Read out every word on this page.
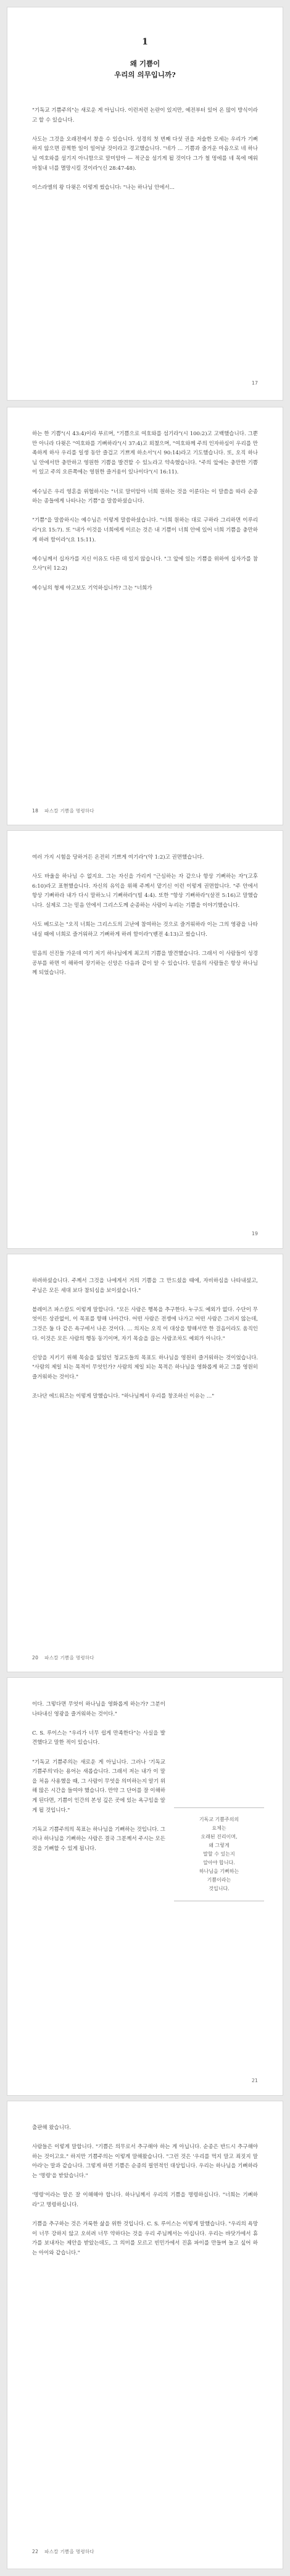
1
왜 기쁨이
우리의 의무입니까?
"기독교 기쁨주의"는 새로운 게 아닙니다. 이런저런 논란이 있지만, 예전부터 있어 온 많이 방식이라고 할 수 있습니다.

사도는 그것을 오래전에서 찾을 수 있습니다. 성경의 첫 번째 다섯 권을 저술한 모세는 우리가 기뻐하지 않으면 끔찍한 일이 일어날 것이라고 경고했습니다. "네가 … 기쁨과 즐거운 마음으로 네 하나님 여호와를 섬기지 아니함으로 말미암아 — 적군을 섬기게 될 것이다 그가 철 멍에를 네 목에 메워 마침내 너를 멸망시킬 것이라"(신 28:47-48).

이스라엘의 왕 다윗은 이렇게 썼습니다: "나는 하나님 안에서...
17
하는 한 기쁨"(시 43:4)이라 부르며, "기쁨으로 여호와를 섬기라"(시 100:2)고 고백했습니다. 그뿐만 아니라 다윗은 "여호와를 기뻐하라"(시 37:4)고 외쳤으며, "여호와께 주의 인자하심이 우리를 만족하게 하사 우리를 일생 동안 즐겁고 기쁘게 하소서"(시 90:14)라고 기도했습니다. 또, 오직 하나님 안에서만 충만하고 영원한 기쁨을 발견할 수 있노라고 약속했습니다. "주의 앞에는 충만한 기쁨이 있고 주의 오른쪽에는 영원한 즐거움이 있나이다"(시 16:11).

예수님은 우리 영혼을 위협하시는 "너로 말미암아 너희 원하는 것을 이룬다는 이 말씀을 따라 순종하는 종들에게 나타나는 기쁨"을 말씀하셨습니다.

"기쁨"을 말씀하시는 예수님은 이렇게 말씀하셨습니다. "너희 원하는 대로 구하라 그리하면 이루리라"(요 15:7). 또 "내가 이것을 너희에게 이르는 것은 내 기쁨이 너희 안에 있어 너희 기쁨을 충만하게 하려 함이라"(요 15:11).

예수님께서 십자가를 지신 이유도 다른 데 있지 않습니다. "그 앞에 있는 기쁨을 위하여 십자가를 참으사"(히 12:2)

예수님의 형제 야고보도 기억하십니까? 그는 "너희가
18 파스칼 기쁨을 명령하다
여러 가지 시험을 당하거든 온전히 기쁘게 여기라"(약 1:2)고 권면했습니다.

사도 바울을 하나님 수 없지요. 그는 자신을 가리켜 "근심하는 자 같으나 항상 기뻐하는 자"(고후 6:10)라고 표현했습니다. 자신의 유익을 위해 주께서 맡기신 이런 이렇게 권면합니다. "주 안에서 항상 기뻐하라 내가 다시 말하노니 기뻐하라"(빌 4:4). 또한 "항상 기뻐하라"(살전 5:16)고 말했습니다. 실제로 그는 믿음 안에서 그리스도께 순종하는 사람이 누리는 기쁨을 이야기했습니다.

사도 베드로는 "오직 너희는 그리스도의 고난에 참여하는 것으로 즐거워하라 이는 그의 영광을 나타내실 때에 너희로 즐거워하고 기뻐하게 하려 함이라"(벧전 4:13)고 썼습니다.

믿음의 선진들 가운데 여기 저기 하나님에게 최고의 기쁨을 발견했습니다. 그래서 이 사람들이 성경 공부를 하면 이 해하여 장기하는 신앙은 다음과 같이 알 수 있습니다. 믿음의 사람들은 항상 하나님께 되었습니다.
19
하려하셨습니다. 주께서 그것을 나에게서 거의 기쁨을 그 만드셨을 때에, 자비하심을 나타내셨고, 주님은 모든 세대 보다 참되심을 보이셨습니다."

블레이즈 파스칼도 이렇게 말합니다. "모든 사람은 행복을 추구한다. 누구도 예외가 없다. 수단이 무엇이든 상관없이, 이 목표를 향해 나아간다. 어떤 사람은 전쟁에 나가고 어떤 사람은 그러지 않는데, 그것은 둘 다 같은 욕구에서 나온 것이다. … 의지는 오직 이 대상을 향해서만 한 걸음이라도 움직인다. 이것은 모든 사람의 행동 동기이며, 자기 목숨을 끊는 사람조차도 예외가 아니다."

신앙을 지키기 위해 목숨을 잃었던 청교도들의 목표도 하나님을 영원히 즐거워하는 것이었습니다. "사람의 제일 되는 목적이 무엇인가? 사람의 제일 되는 목적은 하나님을 영화롭게 하고 그를 영원히 즐거워하는 것이다."

조나단 에드워즈는 이렇게 말했습니다. "하나님께서 우리를 창조하신 이유는 …"
20 파스칼 기쁨을 명령하다
이다. 그렇다면 무엇이 하나님을 영화롭게 하는가? 그분이 나타내신 영광을 즐거워하는 것이다."

C. S. 루이스는 "우리가 너무 쉽게 만족한다"는 사실을 발견했다고 말한 적이 있습니다.

"기독교 기쁨주의는 새로운 게 아닙니다. 그러나 '기독교 기쁨주의'라는 용어는 새롭습니다. 그래서 저는 내가 이 말을 처음 사용했을 때, 그 사람이 무엇을 의미하는지 알기 위해 많은 시간을 들여야 했습니다. 만약 그 단어를 잘 이해하게 된다면, 기쁨이 인간의 본성 깊은 곳에 있는 욕구임을 알게 될 것입니다."

기독교 기쁨주의의 목표는 하나님을 기뻐하는 것입니다. 그러나 하나님을 기뻐하는 사람은 결국 그분께서 주시는 모든 것을 기뻐할 수 있게 됩니다.
기독교 기쁨주의의
요체는
오래된 진리이며,
왜 그렇게
말할 수 있는지
알아야 합니다.
하나님을 기뻐하는
기쁨이라는
것입니다.
21
출판해 왔습니다.

사람들은 이렇게 말합니다. "기쁨은 의무로서 추구해야 하는 게 아닙니다. 순종은 반드시 추구해야 하는 것이고요." 하지만 기쁨주의는 이렇게 말해왔습니다. "그런 것은 '우리를 먹지 말고 죄짓지 말아라'는 말과 같습니다. 그렇게 하면 기쁨은 순종의 필연적인 대상입니다. 우리는 하나님을 기뻐하라는 '명령'을 받았습니다."

'명령'이라는 말은 잘 이해해야 합니다. 하나님께서 우리의 기쁨을 명령하십니다. "너희는 기뻐하라"고 명령하십니다.

기쁨을 추구하는 것은 거룩한 삶을 위한 것입니다. C. S. 루이스는 이렇게 말했습니다. "우리의 욕망이 너무 강하지 않고 오히려 너무 약하다는 것을 우리 주님께서는 아십니다. 우리는 바닷가에서 휴가를 보내자는 제안을 받았는데도, 그 의미를 모르고 빈민가에서 진흙 파이를 만들며 놀고 싶어 하는 아이와 같습니다."
22 파스칼 기쁨을 명령하다
